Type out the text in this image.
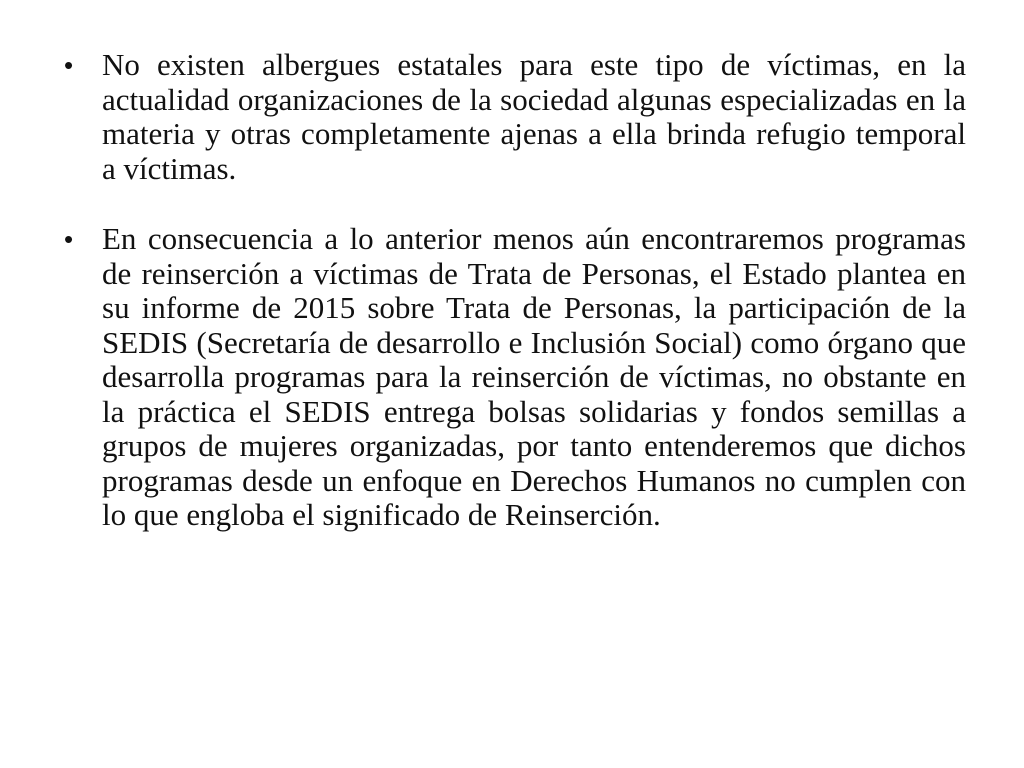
• No existen albergues estatales para este tipo de víctimas, en la actualidad organizaciones de la sociedad algunas especializadas en la materia y otras completamente ajenas a ella brinda refugio temporal a víctimas.
• En consecuencia a lo anterior menos aún encontraremos programas de reinserción a víctimas de Trata de Personas, el Estado plantea en su informe de 2015 sobre Trata de Personas, la participación de la SEDIS (Secretaría de desarrollo e Inclusión Social) como órgano que desarrolla programas para la reinserción de víctimas, no obstante en la práctica el SEDIS entrega bolsas solidarias y fondos semillas a grupos de mujeres organizadas, por tanto entenderemos que dichos programas desde un enfoque en Derechos Humanos no cumplen con lo que engloba el significado de Reinserción.
